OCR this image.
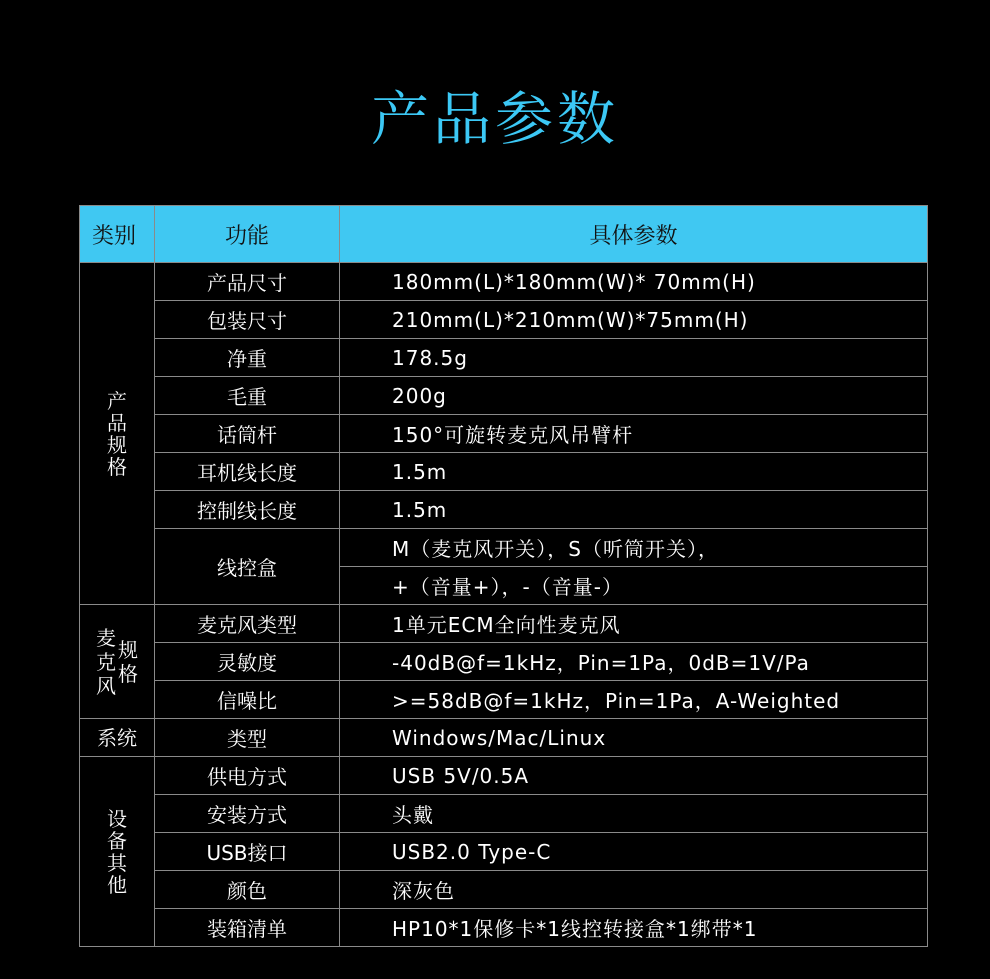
产品参数
类别	功能	具体参数
产
品
规
格	产品尺寸	180mm(L)*180mm(W)* 70mm(H)
	包装尺寸	210mm(L)*210mm(W)*75mm(H)
	净重	178.5g
	毛重	200g
	话筒杆	150°可旋转麦克风吊臂杆
	耳机线长度	1.5m
	控制线长度	1.5m
	线控盒	M（麦克风开关），S（听筒开关），
		+（音量+），-（音量-）

麦
克
风
规
格	麦克风类型	1单元ECM全向性麦克风
	灵敏度	-40dB@f=1kHz，Pin=1Pa，0dB=1V/Pa
	信噪比	>=58dB@f=1kHz，Pin=1Pa，A-Weighted
系统	类型	Windows/Mac/Linux
设
备
其
他	供电方式	USB 5V/0.5A
	安装方式	头戴
	USB接口	USB2.0 Type-C
	颜色	深灰色
	装箱清单	HP10*1保修卡*1线控转接盒*1绑带*1
